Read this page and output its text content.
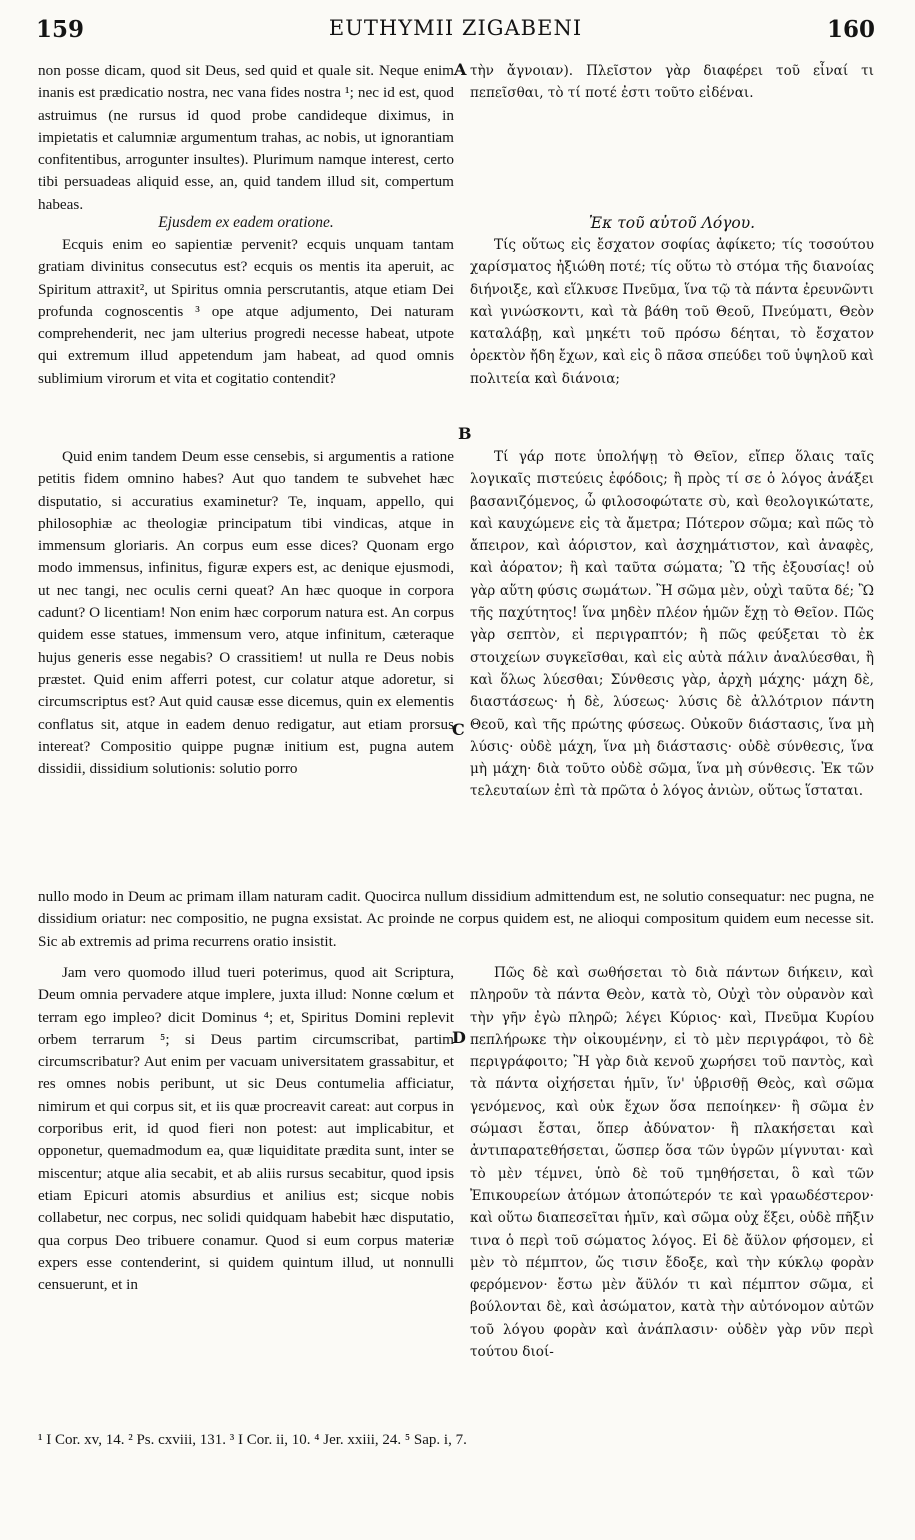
159	EUTHYMII ZIGABENI	160

non posse dicam, quod sit Deus, sed quid et quale sit. Neque enim inanis est prædicatio nostra, nec vana fides nostra ¹; nec id est, quod astruimus (ne rursus id quod probe candideque diximus, in impietatis et calumniæ argumentum trahas, ac nobis, ut ignorantiam confitentibus, arrogunter insultes). Plurimum namque interest, certo tibi persuadeas aliquid esse, an, quid tandem illud sit, compertum habeas.

A τὴν ἄγνοιαν). Πλεῖστον γὰρ διαφέρει τοῦ εἶναί τι πεπεῖσθαι, τὸ τί ποτέ ἐστι τοῦτο εἰδέναι.

Ejusdem ex eadem oratione.	Ἐκ τοῦ αὐτοῦ Λόγου.

Ecquis enim eo sapientiæ pervenit? ecquis unquam tantam gratiam divinitus consecutus est? ecquis os mentis ita aperuit, ac Spiritum attraxit², ut Spiritus omnia perscrutantis, atque etiam Dei profunda cognoscentis ³ ope atque adjumento, Dei naturam comprehenderit, nec jam ulterius progredi necesse habeat, utpote qui extremum illud appetendum jam habeat, ad quod omnis sublimium virorum et vita et cogitatio contendit?

Τίς οὕτως εἰς ἔσχατον σοφίας ἀφίκετο; τίς τοσούτου χαρίσματος ἠξιώθη ποτέ; τίς οὕτω τὸ στόμα τῆς διανοίας διήνοιξε, καὶ εἵλκυσε Πνεῦμα, ἵνα τῷ τὰ πάντα ἐρευνῶντι καὶ γινώσκοντι, καὶ τὰ βάθη τοῦ Θεοῦ, Πνεύματι, Θεὸν καταλάβῃ, καὶ μηκέτι τοῦ πρόσω δέηται, τὸ ἔσχατον ὀρεκτὸν ἤδη ἔχων, καὶ εἰς ὃ πᾶσα σπεύδει τοῦ ὑψηλοῦ καὶ πολιτεία καὶ διάνοια;

B

Quid enim tandem Deum esse censebis, si argumentis a ratione petitis fidem omnino habes? Aut quo tandem te subvehet hæc disputatio, si accuratius examinetur? Te, inquam, appello, qui philosophiæ ac theologiæ principatum tibi vindicas, atque in immensum gloriaris. An corpus eum esse dices? Quonam ergo modo immensus, infinitus, figuræ expers est, ac denique ejusmodi, ut nec tangi, nec oculis cerni queat? An hæc quoque in corpora cadunt? O licentiam! Non enim hæc corporum natura est. An corpus quidem esse statues, immensum vero, atque infinitum, cæteraque hujus generis esse negabis? O crassitiem! ut nulla re Deus nobis præstet. Quid enim afferri potest, cur colatur atque adoretur, si circumscriptus est? Aut quid causæ esse dicemus, quin ex elementis conflatus sit, atque in eadem denuo redigatur, aut etiam prorsus intereat? Compositio quippe pugnæ initium est, pugna autem dissidii, dissidium solutionis: solutio porro

Τί γάρ ποτε ὑπολήψῃ τὸ Θεῖον, εἴπερ ὅλαις ταῖς λογικαῖς πιστεύεις ἐφόδοις; ἢ πρὸς τί σε ὁ λόγος ἀνάξει βασανιζόμενος, ὦ φιλοσοφώτατε σὺ, καὶ θεολογικώτατε, καὶ καυχώμενε εἰς τὰ ἄμετρα; Πότερον σῶμα; καὶ πῶς τὸ ἄπειρον, καὶ ἀόριστον, καὶ ἀσχημάτιστον, καὶ ἀναφὲς, καὶ ἀόρατον; ἢ καὶ ταῦτα σώματα; Ὢ τῆς ἐξουσίας! οὐ γὰρ αὕτη φύσις σωμάτων. Ἢ σῶμα μὲν, οὐχὶ ταῦτα δέ; Ὢ τῆς παχύτητος! ἵνα μηδὲν πλέον ἡμῶν ἔχῃ τὸ Θεῖον. Πῶς γὰρ σεπτὸν, εἰ περιγραπτόν; ἢ πῶς φεύξεται τὸ ἐκ στοιχείων συγκεῖσθαι, καὶ εἰς αὐτὰ πάλιν ἀναλύεσθαι, ἢ καὶ ὅλως λύεσθαι; Σύνθεσις γὰρ, ἀρχὴ μάχης· μάχη δὲ, διαστάσεως· ἡ δὲ, λύσεως· λύσις δὲ ἀλλότριον πάντη Θεοῦ, καὶ τῆς πρώτης φύσεως. Οὐκοῦν διάστασις, ἵνα μὴ λύσις· οὐδὲ μάχη, ἵνα μὴ διάστασις· οὐδὲ σύνθεσις, ἵνα μὴ μάχη· διὰ τοῦτο οὐδὲ σῶμα, ἵνα μὴ σύνθεσις. Ἐκ τῶν τελευταίων ἐπὶ τὰ πρῶτα ὁ λόγος ἀνιὼν, οὕτως ἵσταται.

C

nullo modo in Deum ac primam illam naturam cadit. Quocirca nullum dissidium admittendum est, ne solutio consequatur: nec pugna, ne dissidium oriatur: nec compositio, ne pugna exsistat. Ac proinde ne corpus quidem est, ne alioqui compositum quidem eum necesse sit. Sic ab extremis ad prima recurrens oratio insistit.

Jam vero quomodo illud tueri poterimus, quod ait Scriptura, Deum omnia pervadere atque implere, juxta illud: Nonne cœlum et terram ego impleo? dicit Dominus ⁴; et, Spiritus Domini replevit orbem terrarum ⁵; si Deus partim circumscribat, partim circumscribatur? Aut enim per vacuam universitatem grassabitur, et res omnes nobis peribunt, ut sic Deus contumelia afficiatur, nimirum et qui corpus sit, et iis quæ procreavit careat: aut corpus in corporibus erit, id quod fieri non potest: aut implicabitur, et opponetur, quemadmodum ea, quæ liquiditate prædita sunt, inter se miscentur; atque alia secabit, et ab aliis rursus secabitur, quod ipsis etiam Epicuri atomis absurdius et anilius est; sicque nobis collabetur, nec corpus, nec solidi quidquam habebit hæc disputatio, qua corpus Deo tribuere conamur. Quod si eum corpus materiæ expers esse contenderint, si quidem quintum illud, ut nonnulli censuerunt, et in

D

Πῶς δὲ καὶ σωθήσεται τὸ διὰ πάντων διήκειν, καὶ πληροῦν τὰ πάντα Θεὸν, κατὰ τὸ, Οὐχὶ τὸν οὐρανὸν καὶ τὴν γῆν ἐγὼ πληρῶ; λέγει Κύριος· καὶ, Πνεῦμα Κυρίου πεπλήρωκε τὴν οἰκουμένην, εἰ τὸ μὲν περιγράφοι, τὸ δὲ περιγράφοιτο; Ἢ γὰρ διὰ κενοῦ χωρήσει τοῦ παντὸς, καὶ τὰ πάντα οἰχήσεται ἡμῖν, ἵν' ὑβρισθῇ Θεὸς, καὶ σῶμα γενόμενος, καὶ οὐκ ἔχων ὅσα πεποίηκεν· ἢ σῶμα ἐν σώμασι ἔσται, ὅπερ ἀδύνατον· ἢ πλακήσεται καὶ ἀντιπαρατεθήσεται, ὥσπερ ὅσα τῶν ὑγρῶν μίγνυται· καὶ τὸ μὲν τέμνει, ὑπὸ δὲ τοῦ τμηθήσεται, ὃ καὶ τῶν Ἐπικουρείων ἀτόμων ἀτοπώτερόν τε καὶ γραωδέστερον· καὶ οὕτω διαπεσεῖται ἡμῖν, καὶ σῶμα οὐχ ἕξει, οὐδὲ πῆξιν τινα ὁ περὶ τοῦ σώματος λόγος. Εἰ δὲ ἄϋλον φήσομεν, εἰ μὲν τὸ πέμπτον, ὥς τισιν ἔδοξε, καὶ τὴν κύκλῳ φορὰν φερόμενον· ἔστω μὲν ἄϋλόν τι καὶ πέμπτον σῶμα, εἰ βούλονται δὲ, καὶ ἀσώματον, κατὰ τὴν αὐτόνομον αὐτῶν τοῦ λόγου φορὰν καὶ ἀνάπλασιν· οὐδὲν γὰρ νῦν περὶ τούτου διοί-

¹ I Cor. xv, 14. ² Ps. cxviii, 131. ³ I Cor. ii, 10. ⁴ Jer. xxiii, 24. ⁵ Sap. i, 7.
